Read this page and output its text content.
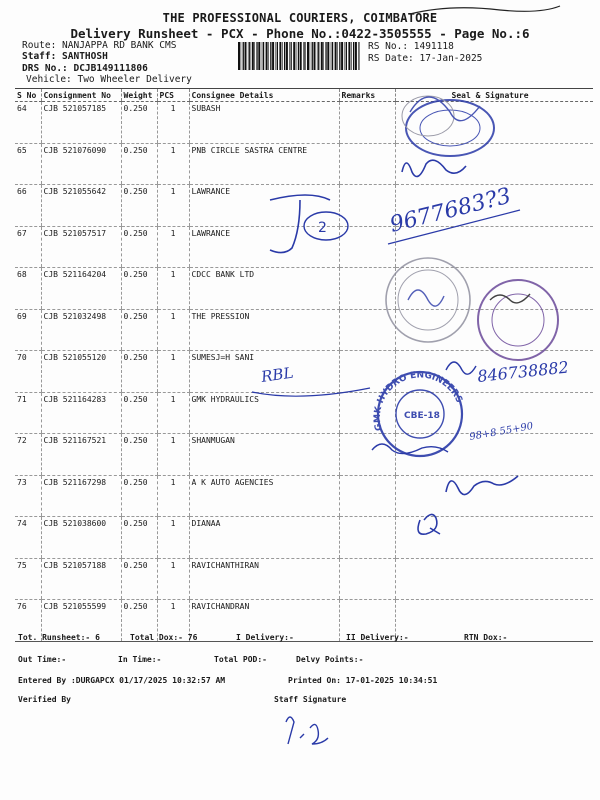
THE PROFESSIONAL COURIERS, COIMBATORE
Delivery Runsheet - PCX - Phone No.:0422-3505555 - Page No.:6
Route: NANJAPPA RD BANK CMS
Staff: SANTHOSH
DRS No.: DCJB149111806
Vehicle: Two Wheeler Delivery
RS No.: 1491118
RS Date: 17-Jan-2025
S No	Consignment No	Weight	PCS	Consignee Details	Remarks	Seal & Signature
64	CJB 521057185	0.250	1	SUBASH		
65	CJB 521076090	0.250	1	PNB CIRCLE SASTRA CENTRE		
66	CJB 521055642	0.250	1	LAWRANCE		
67	CJB 521057517	0.250	1	LAWRANCE		
68	CJB 521164204	0.250	1	CDCC BANK LTD		
69	CJB 521032498	0.250	1	THE PRESSION		
70	CJB 521055120	0.250	1	SUMESJ=H SANI		
71	CJB 521164283	0.250	1	GMK HYDRAULICS		
72	CJB 521167521	0.250	1	SHANMUGAN		
73	CJB 521167298	0.250	1	A K AUTO AGENCIES		
74	CJB 521038600	0.250	1	DIANAA		
75	CJB 521057188	0.250	1	RAVICHANTHIRAN		
76	CJB 521055599	0.250	1	RAVICHANDRAN		
Tot. Runsheet:- 6	Total Dox:- 76	I Delivery:-	II Delivery:-	RTN Dox:-
Out Time:-	In Time:-	Total POD:-	Delvy Points:-
Entered By :DURGAPCX 01/17/2025 10:32:57 AM	Printed On: 17-01-2025 10:34:51
Verified By	Staff Signature
2	9677683?3
846738882
RBL
GMK HYDRO ENGINEERS
CBE-18
98+8 55+90
